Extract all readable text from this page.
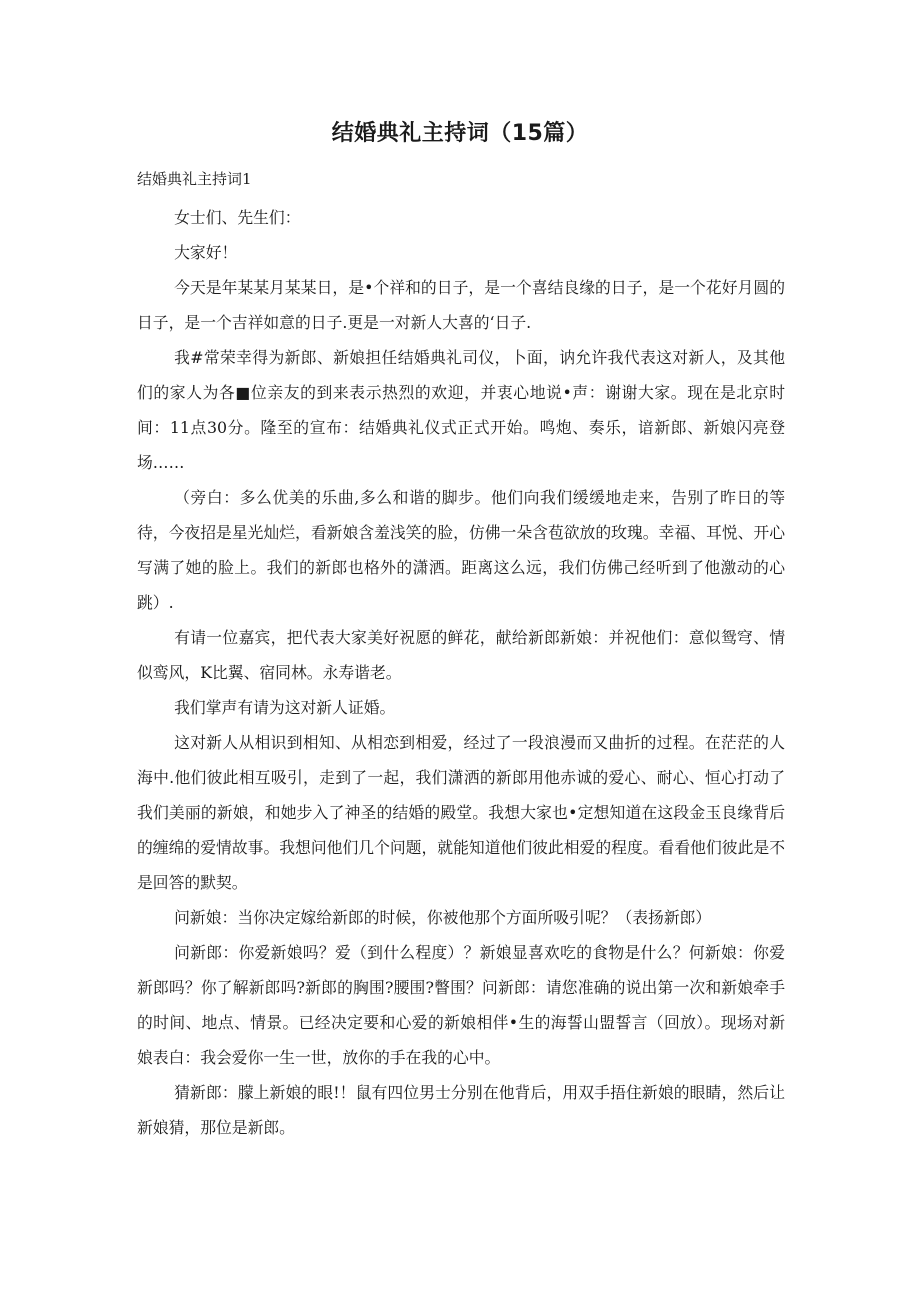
结婚典礼主持词（15篇）
结婚典礼主持词1

女士们、先生们：

大家好！

今天是年某某月某某日，是•个祥和的日子，是一个喜结良缘的日子，是一个花好月圆的日子，是一个吉祥如意的日子.更是一对新人大喜的‘日子.

我#常荣幸得为新郎、新娘担任结婚典礼司仪，卜面，讷允许我代表这对新人，及其他们的家人为各■位亲友的到来表示热烈的欢迎，并衷心地说•声：谢谢大家。现在是北京时间：11点30分。隆至的宣布：结婚典礼仪式正式开始。鸣炮、奏乐，谙新郎、新娘闪亮登场……

（旁白：多么优美的乐曲,多么和谐的脚步。他们向我们缓缓地走来，告别了昨日的等待，今夜招是星光灿烂，看新娘含羞浅笑的脸，仿佛一朵含苞欲放的玫瑰。幸福、耳悦、开心写满了她的脸上。我们的新郎也格外的潇洒。距离这么远，我们仿佛己经听到了他激动的心跳）.

有请一位嘉宾，把代表大家美好祝愿的鲜花，献给新郎新娘：并祝他们：意似鸳穹、情似鸾风，K比翼、宿同林。永寿谐老。

我们掌声有请为这对新人证婚。

这对新人从相识到相知、从相恋到相爱，经过了一段浪漫而又曲折的过程。在茫茫的人海中.他们彼此相互吸引，走到了一起，我们潇洒的新郎用他赤诚的爱心、耐心、恒心打动了我们美丽的新娘，和她步入了神圣的结婚的殿堂。我想大家也•定想知道在这段金玉良缘背后的缠绵的爱情故事。我想问他们几个问题，就能知道他们彼此相爱的程度。看看他们彼此是不是回答的默契。

问新娘：当你决定嫁给新郎的时候，你被他那个方面所吸引呢？（表扬新郎）

问新郎：你爱新娘吗？爱（到什么程度）？新娘显喜欢吃的食物是什么？何新娘：你爱新郎吗？你了解新郎吗?新郎的胸围?腰围?瞥围？问新郎：请您准确的说出第一次和新娘牵手的时间、地点、情景。已经决定要和心爱的新娘相伴•生的海誓山盟誓言（回放）。现场对新娘表白：我会爱你一生一世，放你的手在我的心中。

猜新郎：朦上新娘的眼!！鼠有四位男士分别在他背后，用双手捂住新娘的眼睛，然后让新娘猜，那位是新郎。
